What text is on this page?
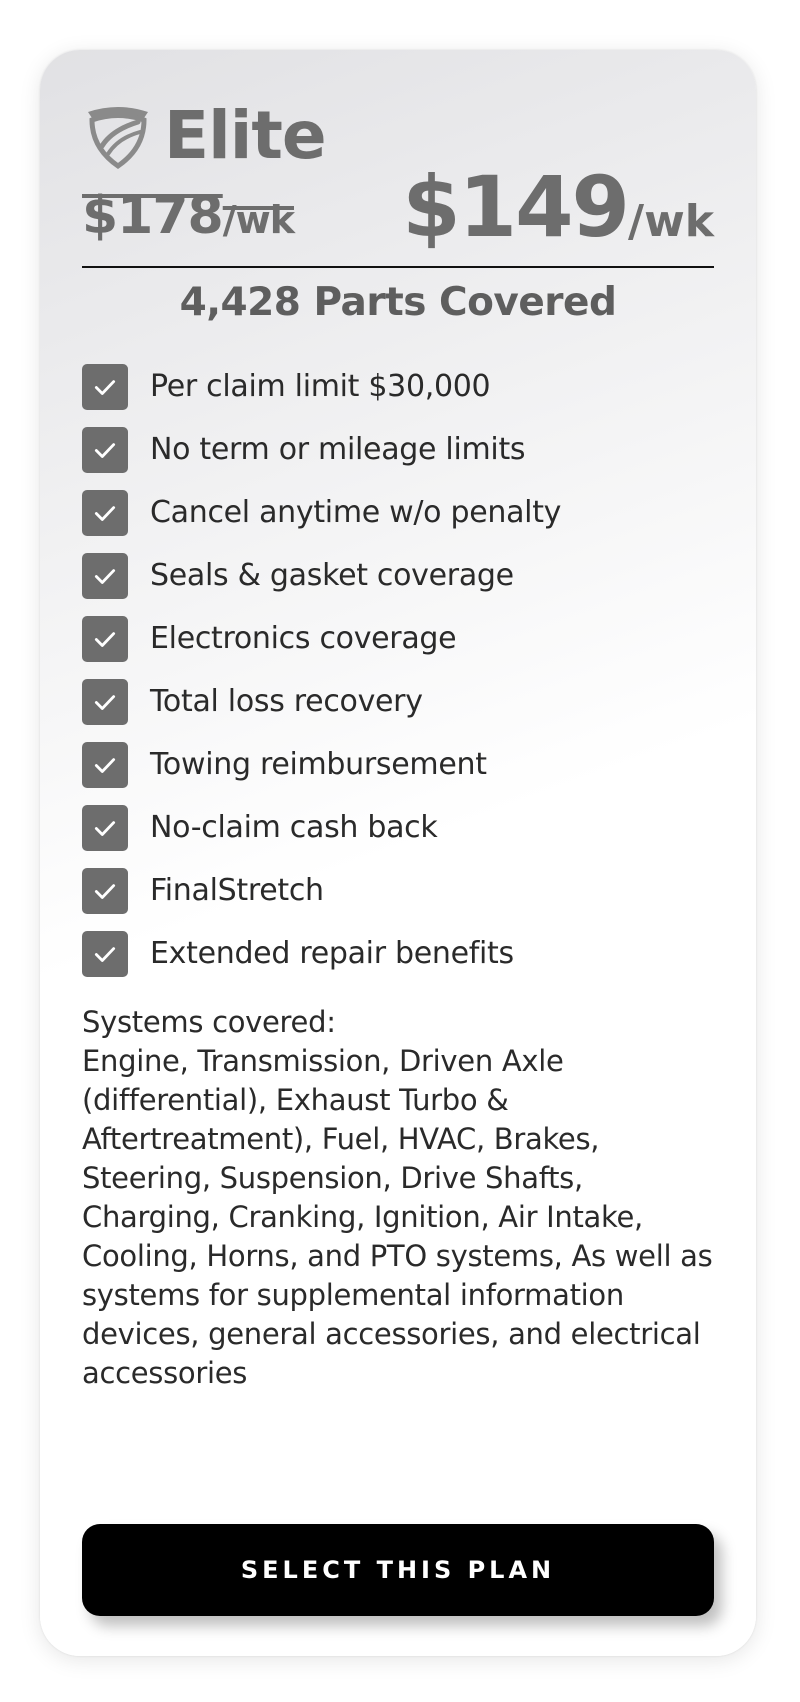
Elite
$178/wk $149/wk
4,428 Parts Covered
Per claim limit $30,000
No term or mileage limits
Cancel anytime w/o penalty
Seals & gasket coverage
Electronics coverage
Total loss recovery
Towing reimbursement
No-claim cash back
FinalStretch
Extended repair benefits
Systems covered:
Engine, Transmission, Driven Axle (differential), Exhaust Turbo & Aftertreatment), Fuel, HVAC, Brakes, Steering, Suspension, Drive Shafts, Charging, Cranking, Ignition, Air Intake, Cooling, Horns, and PTO systems, As well as systems for supplemental information devices, general accessories, and electrical accessories
SELECT THIS PLAN
